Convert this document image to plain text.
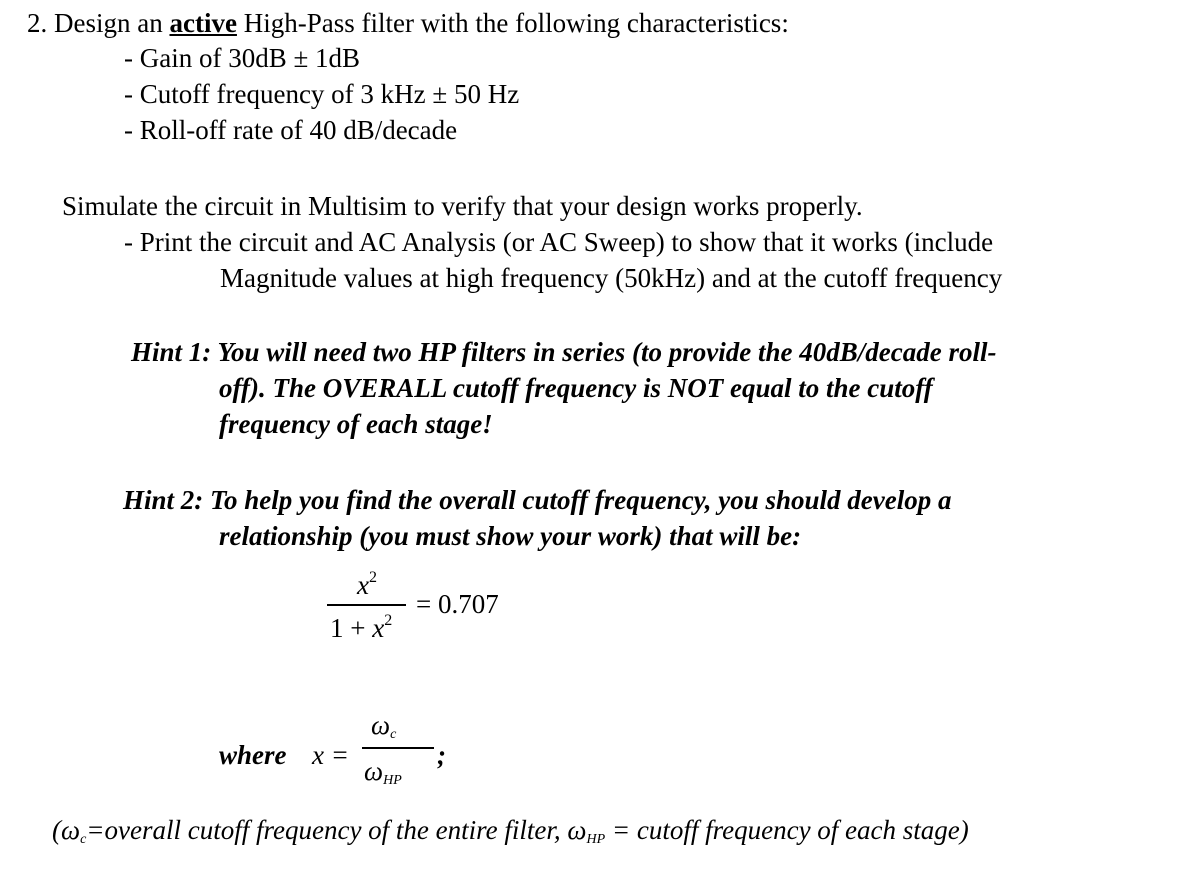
2. Design an active High-Pass filter with the following characteristics:
- Gain of 30dB ± 1dB
- Cutoff frequency of 3 kHz ± 50 Hz
- Roll-off rate of 40 dB/decade
Simulate the circuit in Multisim to verify that your design works properly.
- Print the circuit and AC Analysis (or AC Sweep) to show that it works (include
Magnitude values at high frequency (50kHz) and at the cutoff frequency
Hint 1: You will need two HP filters in series (to provide the 40dB/decade roll-
off). The OVERALL cutoff frequency is NOT equal to the cutoff
frequency of each stage!
Hint 2: To help you find the overall cutoff frequency, you should develop a
relationship (you must show your work) that will be:
$x^2$
$1 + x^2$
= 0.707
where x =
$\omega_c$
$\omega_{HP}$
;
($\omega_c=overall$ cutoff frequency of the entire filter, $\omega_{HP}$ = cutoff frequency of each stage)
